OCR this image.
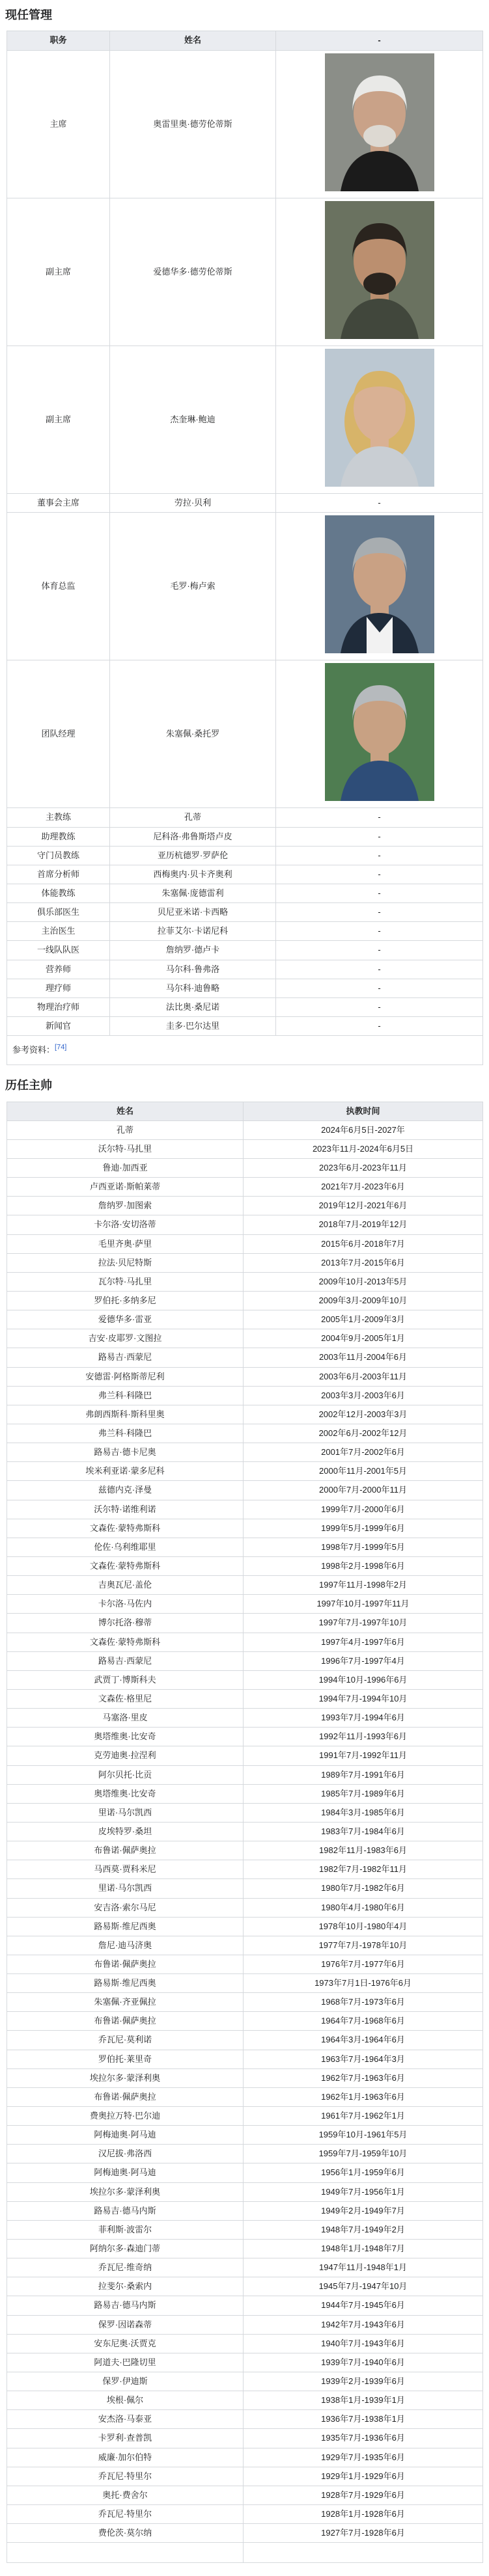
现任管理
职务	姓名	-
主席	奥雷里奥·德劳伦蒂斯	

副主席	爱德华多·德劳伦蒂斯	

副主席	杰奎琳·鲍迪	

董事会主席	劳拉·贝利	-
体育总监	毛罗·梅卢索	

团队经理	朱塞佩·桑托罗	

主教练	孔蒂	-
助理教练	尼科洛·弗鲁斯塔卢皮	-
守门员教练	亚历杭德罗·罗萨伦	-
首席分析师	西梅奥内·贝卡齐奥利	-
体能教练	朱塞佩·庞德雷利	-
俱乐部医生	贝尼亚米诺·卡西略	-
主治医生	拉菲艾尔·卡诺尼科	-
一线队队医	詹纳罗·德卢卡	-
营养师	马尔科·鲁弗洛	-
理疗师	马尔科·迪鲁略	-
物理治疗师	法比奥·桑尼诺	-
新闻官	圭多·巴尔达里	-
参考资料：[74]
历任主帅
姓名	执教时间
孔蒂	2024年6月5日-2027年
沃尔特·马扎里	2023年11月-2024年6月5日
鲁迪·加西亚	2023年6月-2023年11月
卢西亚诺·斯帕莱蒂	2021年7月-2023年6月
詹纳罗·加图索	2019年12月-2021年6月
卡尔洛·安切洛蒂	2018年7月-2019年12月
毛里齐奥·萨里	2015年6月-2018年7月
拉法·贝尼特斯	2013年7月-2015年6月
瓦尔特·马扎里	2009年10月-2013年5月
罗伯托·多纳多尼	2009年3月-2009年10月
爱德华多·雷亚	2005年1月-2009年3月
吉安·皮耶罗·文图拉	2004年9月-2005年1月
路易吉·西蒙尼	2003年11月-2004年6月
安德雷·阿格斯蒂尼利	2003年6月-2003年11月
弗兰科·科隆巴	2003年3月-2003年6月
弗朗西斯科·斯科里奥	2002年12月-2003年3月
弗兰科·科隆巴	2002年6月-2002年12月
路易吉·德卡尼奥	2001年7月-2002年6月
埃米利亚诺·蒙多尼科	2000年11月-2001年5月
兹德内克·泽曼	2000年7月-2000年11月
沃尔特·诺维利诺	1999年7月-2000年6月
文森佐·蒙特弗斯科	1999年5月-1999年6月
伦佐·乌利维耶里	1998年7月-1999年5月
文森佐·蒙特弗斯科	1998年2月-1998年6月
吉奥瓦尼·盖伦	1997年11月-1998年2月
卡尔洛·马佐内	1997年10月-1997年11月
博尔托洛·穆蒂	1997年7月-1997年10月
文森佐·蒙特弗斯科	1997年4月-1997年6月
路易吉·西蒙尼	1996年7月-1997年4月
武贾丁·博斯科夫	1994年10月-1996年6月
文森佐·格里尼	1994年7月-1994年10月
马塞洛·里皮	1993年7月-1994年6月
奥塔维奥·比安奇	1992年11月-1993年6月
克劳迪奥·拉涅利	1991年7月-1992年11月
阿尔贝托·比贡	1989年7月-1991年6月
奥塔维奥·比安奇	1985年7月-1989年6月
里诺·马尔凯西	1984年3月-1985年6月
皮埃特罗·桑坦	1983年7月-1984年6月
布鲁诺·佩萨奥拉	1982年11月-1983年6月
马西莫·贾科米尼	1982年7月-1982年11月
里诺·马尔凯西	1980年7月-1982年6月
安吉洛·索尔马尼	1980年4月-1980年6月
路易斯·维尼西奥	1978年10月-1980年4月
詹尼·迪马济奥	1977年7月-1978年10月
布鲁诺·佩萨奥拉	1976年7月-1977年6月
路易斯·维尼西奥	1973年7月1日-1976年6月
朱塞佩·齐亚佩拉	1968年7月-1973年6月
布鲁诺·佩萨奥拉	1964年7月-1968年6月
乔瓦尼·莫利诺	1964年3月-1964年6月
罗伯托·莱里奇	1963年7月-1964年3月
埃拉尔多·蒙泽利奥	1962年7月-1963年6月
布鲁诺·佩萨奥拉	1962年1月-1963年6月
费奥拉万特·巴尔迪	1961年7月-1962年1月
阿梅迪奥·阿马迪	1959年10月-1961年5月
汉尼拔·弗洛西	1959年7月-1959年10月
阿梅迪奥·阿马迪	1956年1月-1959年6月
埃拉尔多·蒙泽利奥	1949年7月-1956年1月
路易吉·德马内斯	1949年2月-1949年7月
菲利斯·波雷尔	1948年7月-1949年2月
阿纳尔多·森迪门蒂	1948年1月-1948年7月
乔瓦尼·维奇纳	1947年11月-1948年1月
拉斐尔·桑索内	1945年7月-1947年10月
路易吉·德马内斯	1944年7月-1945年6月
保罗·因诺森蒂	1942年7月-1943年6月
安东尼奥·沃贾克	1940年7月-1943年6月
阿道夫·巴隆切里	1939年7月-1940年6月
保罗·伊迪斯	1939年2月-1939年6月
埃根·佩尔	1938年1月-1939年1月
安杰洛·马泰亚	1936年7月-1938年1月
卡罗利·查普凯	1935年7月-1936年6月
威廉·加尔伯特	1929年7月-1935年6月
乔瓦尼·特里尔	1929年1月-1929年6月
奥托·费舍尔	1928年7月-1929年6月
乔瓦尼·特里尔	1928年1月-1928年6月
费伦茨·莫尔纳	1927年7月-1928年6月
